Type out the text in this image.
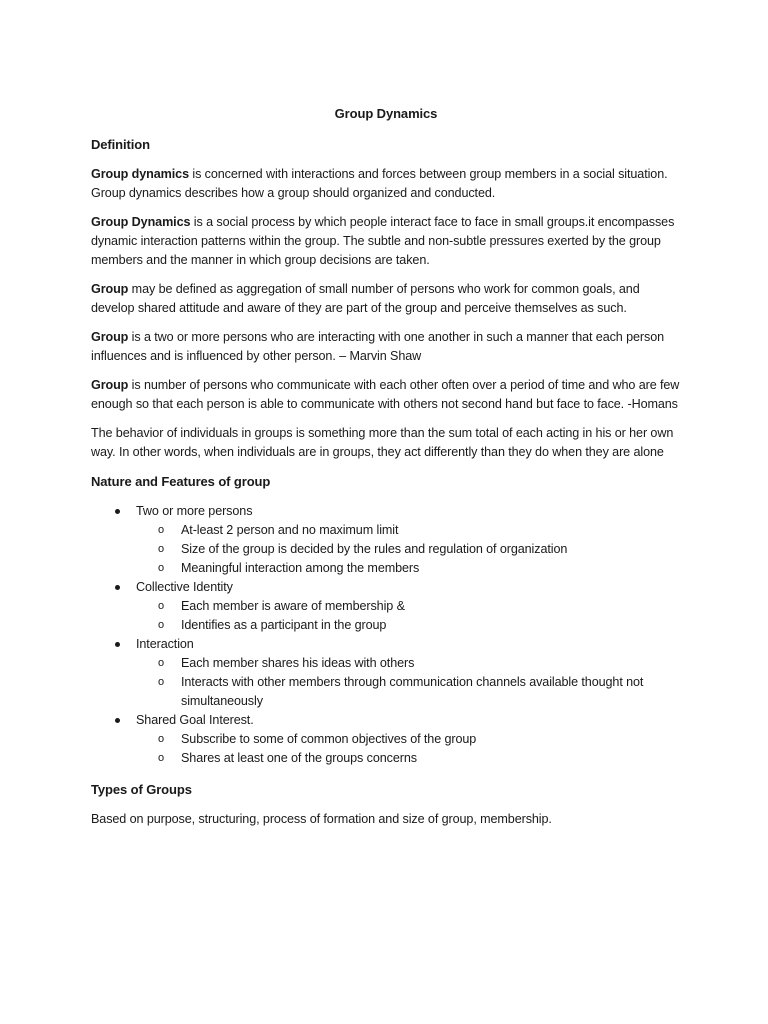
Group Dynamics
Definition

Group dynamics is concerned with interactions and forces between group members in a social situation. Group dynamics describes how a group should organized and conducted.

Group Dynamics is a social process by which people interact face to face in small groups.it encompasses dynamic interaction patterns within the group. The subtle and non-subtle pressures exerted by the group members and the manner in which group decisions are taken.

Group may be defined as aggregation of small number of persons who work for common goals, and develop shared attitude and aware of they are part of the group and perceive themselves as such.

Group is a two or more persons who are interacting with one another in such a manner that each person influences and is influenced by other person. – Marvin Shaw

Group is number of persons who communicate with each other often over a period of time and who are few enough so that each person is able to communicate with others not second hand but face to face. -Homans

The behavior of individuals in groups is something more than the sum total of each acting in his or her own way. In other words, when individuals are in groups, they act differently than they do when they are alone

Nature and Features of group
Two or more persons
o At-least 2 person and no maximum limit
o Size of the group is decided by the rules and regulation of organization
o Meaningful interaction among the members
Collective Identity
o Each member is aware of membership &
o Identifies as a participant in the group
Interaction
o Each member shares his ideas with others
o Interacts with other members through communication channels available thought not simultaneously
Shared Goal Interest.
o Subscribe to some of common objectives of the group
o Shares at least one of the groups concerns
Types of Groups

Based on purpose, structuring, process of formation and size of group, membership.
